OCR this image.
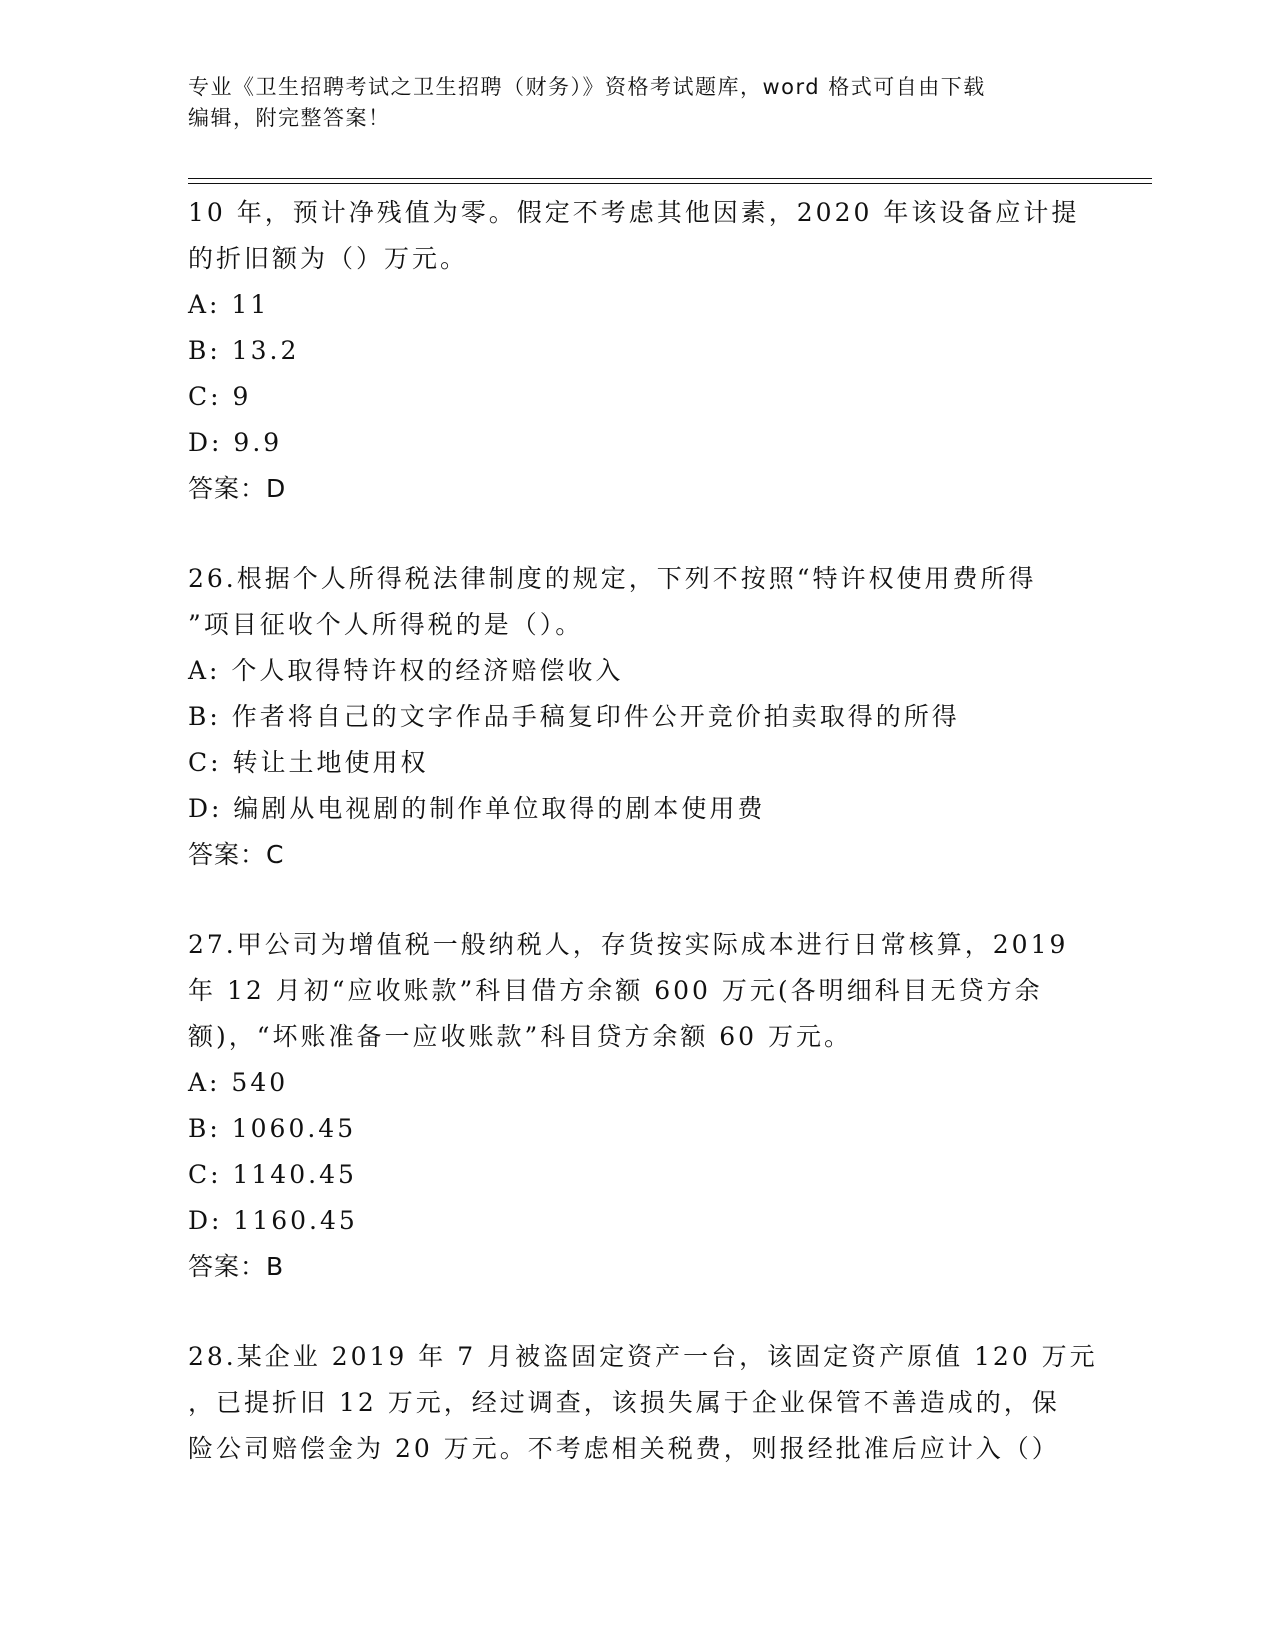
专业《卫生招聘考试之卫生招聘（财务）》资格考试题库，word 格式可自由下载
编辑，附完整答案！
10 年，预计净残值为零。假定不考虑其他因素，2020 年该设备应计提
的折旧额为（）万元。
A: 11
B: 13.2
C: 9
D: 9.9
答案：D
26.根据个人所得税法律制度的规定，下列不按照“特许权使用费所得
”项目征收个人所得税的是（）。
A: 个人取得特许权的经济赔偿收入
B: 作者将自己的文字作品手稿复印件公开竞价拍卖取得的所得
C: 转让土地使用权
D: 编剧从电视剧的制作单位取得的剧本使用费
答案：C
27.甲公司为增值税一般纳税人，存货按实际成本进行日常核算，2019
年 12 月初“应收账款”科目借方余额 600 万元(各明细科目无贷方余
额)，“坏账准备一应收账款”科目贷方余额 60 万元。
A: 540
B: 1060.45
C: 1140.45
D: 1160.45
答案：B
28.某企业 2019 年 7 月被盗固定资产一台，该固定资产原值 120 万元
，已提折旧 12 万元，经过调查，该损失属于企业保管不善造成的，保
险公司赔偿金为 20 万元。不考虑相关税费，则报经批准后应计入（）
